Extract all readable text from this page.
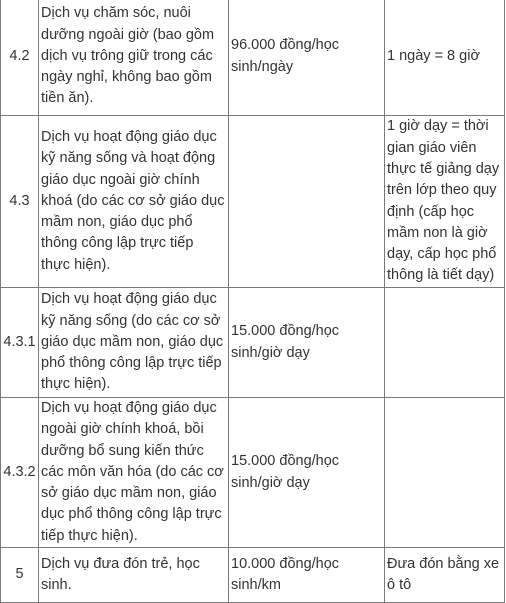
4.2	Dịch vụ chăm sóc, nuôi dưỡng ngoài giờ (bao gồm dịch vụ trông giữ trong các ngày nghỉ, không bao gồm tiền ăn).	96.000 đồng/học sinh/ngày	1 ngày = 8 giờ
4.3	Dịch vụ hoạt động giáo dục kỹ năng sống và hoạt động giáo dục ngoài giờ chính khoá (do các cơ sở giáo dục mầm non, giáo dục phổ thông công lập trực tiếp thực hiện).		1 giờ dạy = thời gian giáo viên thực tế giảng dạy trên lớp theo quy định (cấp học mầm non là giờ dạy, cấp học phổ thông là tiết dạy)
4.3.1	Dịch vụ hoạt động giáo dục kỹ năng sống (do các cơ sở giáo dục mầm non, giáo dục phổ thông công lập trực tiếp thực hiện).	15.000 đồng/học sinh/giờ dạy	
4.3.2	Dịch vụ hoạt động giáo dục ngoài giờ chính khoá, bồi dưỡng bổ sung kiến thức các môn văn hóa (do các cơ sở giáo dục mầm non, giáo dục phổ thông công lập trực tiếp thực hiện).	15.000 đồng/học sinh/giờ dạy	
5	Dịch vụ đưa đón trẻ, học sinh.	10.000 đồng/học sinh/km	Đưa đón bằng xe ô tô
